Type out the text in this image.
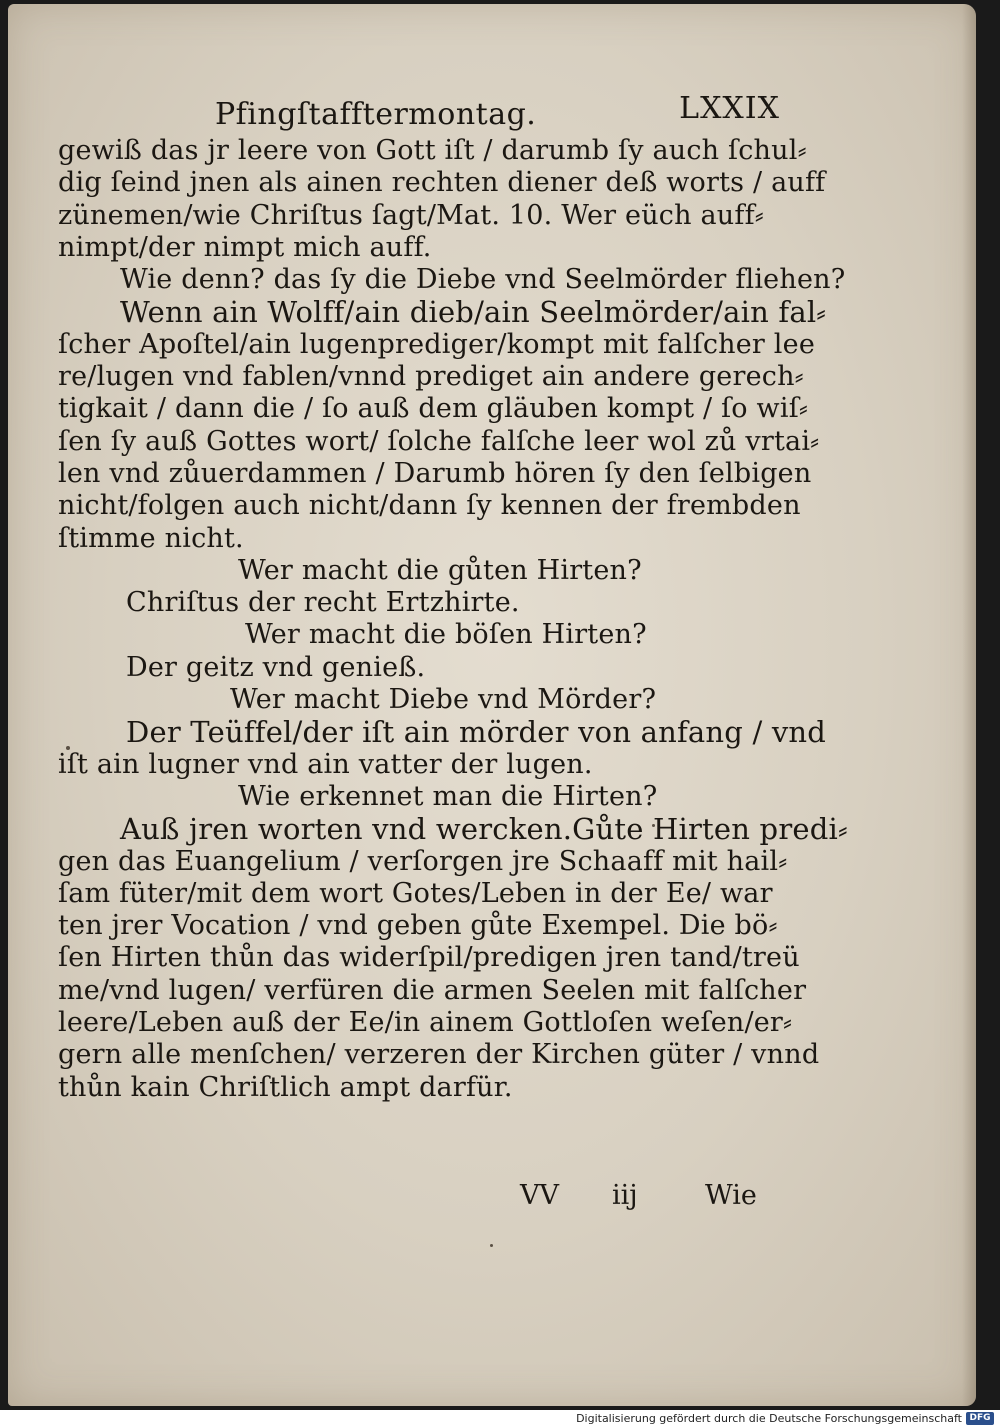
Pfingſtafftermontag.	LXXIX
gewiß das jr leere von Gott iſt / darumb ſy auch ſchul⸗
dig ſeind jnen als ainen rechten diener deß worts / auff
zünemen/wie Chriſtus ſagt/Mat. 10. Wer eüch auff⸗
nimpt/der nimpt mich auff.
Wie denn? das ſy die Diebe vnd Seelmörder fliehen?
Wenn ain Wolff/ain dieb/ain Seelmörder/ain fal⸗
ſcher Apoſtel/ain lugenprediger/kompt mit falſcher lee
re/lugen vnd fablen/vnnd prediget ain andere gerech⸗
tigkait / dann die / ſo auß dem gläuben kompt / ſo wiſ⸗
ſen ſy auß Gottes wort/ ſolche falſche leer wol zů vrtai⸗
len vnd zůuerdammen / Darumb hören ſy den ſelbigen
nicht/folgen auch nicht/dann ſy kennen der frembden
ſtimme nicht.
Wer macht die gůten Hirten?
Chriſtus der recht Ertzhirte.
Wer macht die böſen Hirten?
Der geitz vnd genieß.
Wer macht Diebe vnd Mörder?
Der Teüffel/der iſt ain mörder von anfang / vnd
iſt ain lugner vnd ain vatter der lugen.
Wie erkennet man die Hirten?
Auß jren worten vnd wercken.Gůte Hirten predi⸗
gen das Euangelium / verſorgen jre Schaaff mit hail⸗
ſam füter/mit dem wort Gotes/Leben in der Ee/ war
ten jrer Vocation / vnd geben gůte Exempel. Die bö⸗
ſen Hirten thůn das widerſpil/predigen jren tand/treü
me/vnd lugen/ verfüren die armen Seelen mit falſcher
leere/Leben auß der Ee/in ainem Gottloſen weſen/er⸗
gern alle menſchen/ verzeren der Kirchen güter / vnnd
thůn kain Chriſtlich ampt darfür.
VV iij Wie
Digitalisierung gefördert durch die Deutsche Forschungsgemeinschaft DFG
